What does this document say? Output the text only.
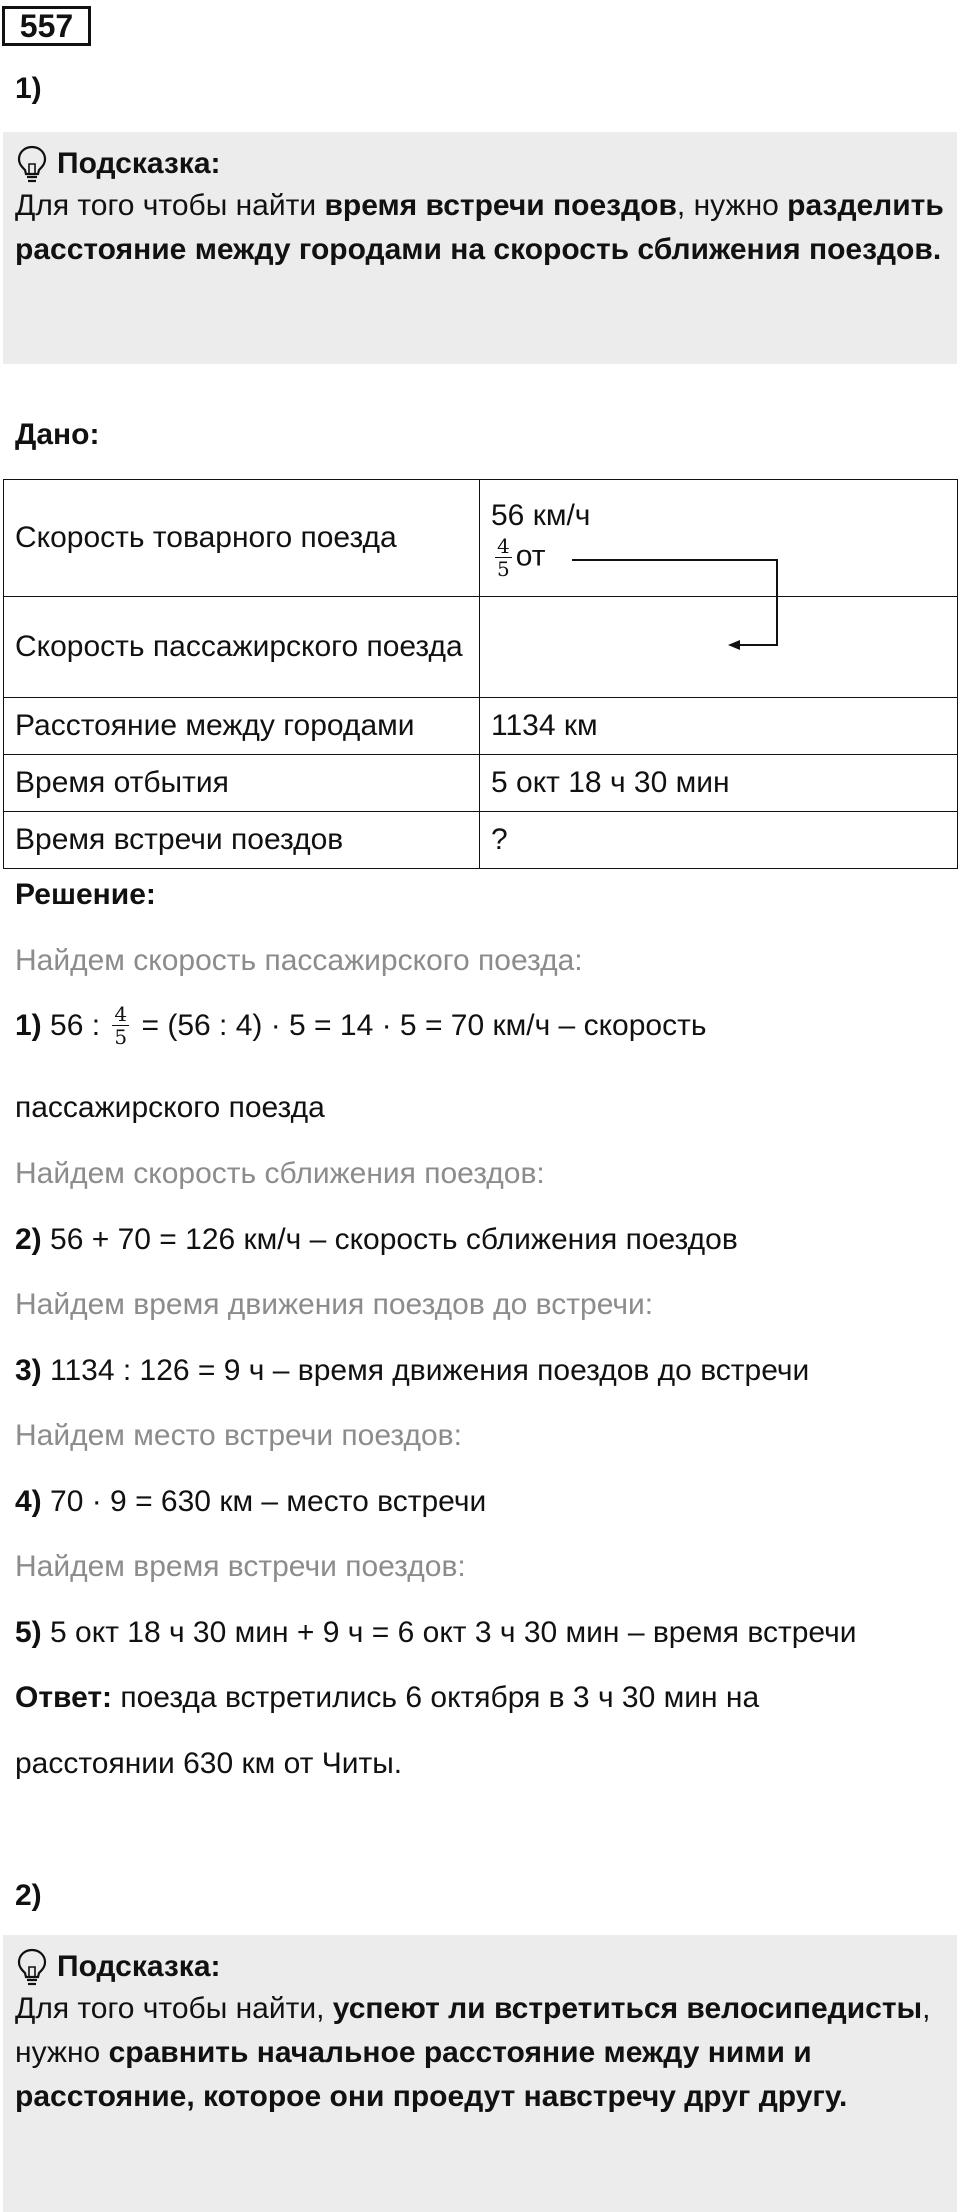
557
1)
Подсказка:
Для того чтобы найти время встречи поездов, нужно разделить расстояние между городами на скорость сближения поездов.
Дано:
Скорость товарного поезда	56 км/ч
$\frac{4}{5}$ от

Скорость пассажирского поезда	
Расстояние между городами	1134 км
Время отбытия	5 окт 18 ч 30 мин
Время встречи поездов	?
Решение:
Найдем скорость пассажирского поезда:
1) 56 : $\frac{4}{5} = (56$ : 4) · 5 = 14 · 5 = 70 км/ч – скорость
пассажирского поезда
Найдем скорость сближения поездов:
2) 56 + 70 = 126 км/ч – скорость сближения поездов
Найдем время движения поездов до встречи:
3) 1134 : 126 = 9 ч – время движения поездов до встречи
Найдем место встречи поездов:
4) 70 · 9 = 630 км – место встречи
Найдем время встречи поездов:
5) 5 окт 18 ч 30 мин + 9 ч = 6 окт 3 ч 30 мин – время встречи
Ответ: поезда встретились 6 октября в 3 ч 30 мин на
расстоянии 630 км от Читы.
2)
Подсказка:
Для того чтобы найти, успеют ли встретиться велосипедисты, нужно сравнить начальное расстояние между ними и расстояние, которое они проедут навстречу друг другу.
